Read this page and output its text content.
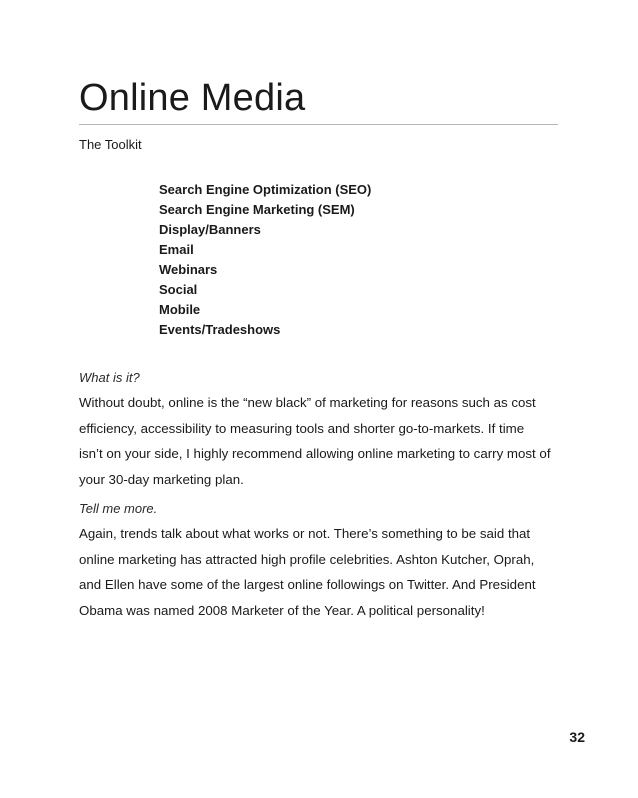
Online Media

The Toolkit

Search Engine Optimization (SEO)
Search Engine Marketing (SEM)
Display/Banners
Email
Webinars
Social
Mobile
Events/Tradeshows

What is it?

Without doubt, online is the “new black” of marketing for reasons such as cost
efficiency, accessibility to measuring tools and shorter go-to-markets. If time
isn’t on your side, I highly recommend allowing online marketing to carry most of
your 30-day marketing plan.

Tell me more.

Again, trends talk about what works or not. There’s something to be said that
online marketing has attracted high profile celebrities. Ashton Kutcher, Oprah,
and Ellen have some of the largest online followings on Twitter. And President
Obama was named 2008 Marketer of the Year. A political personality!

32
